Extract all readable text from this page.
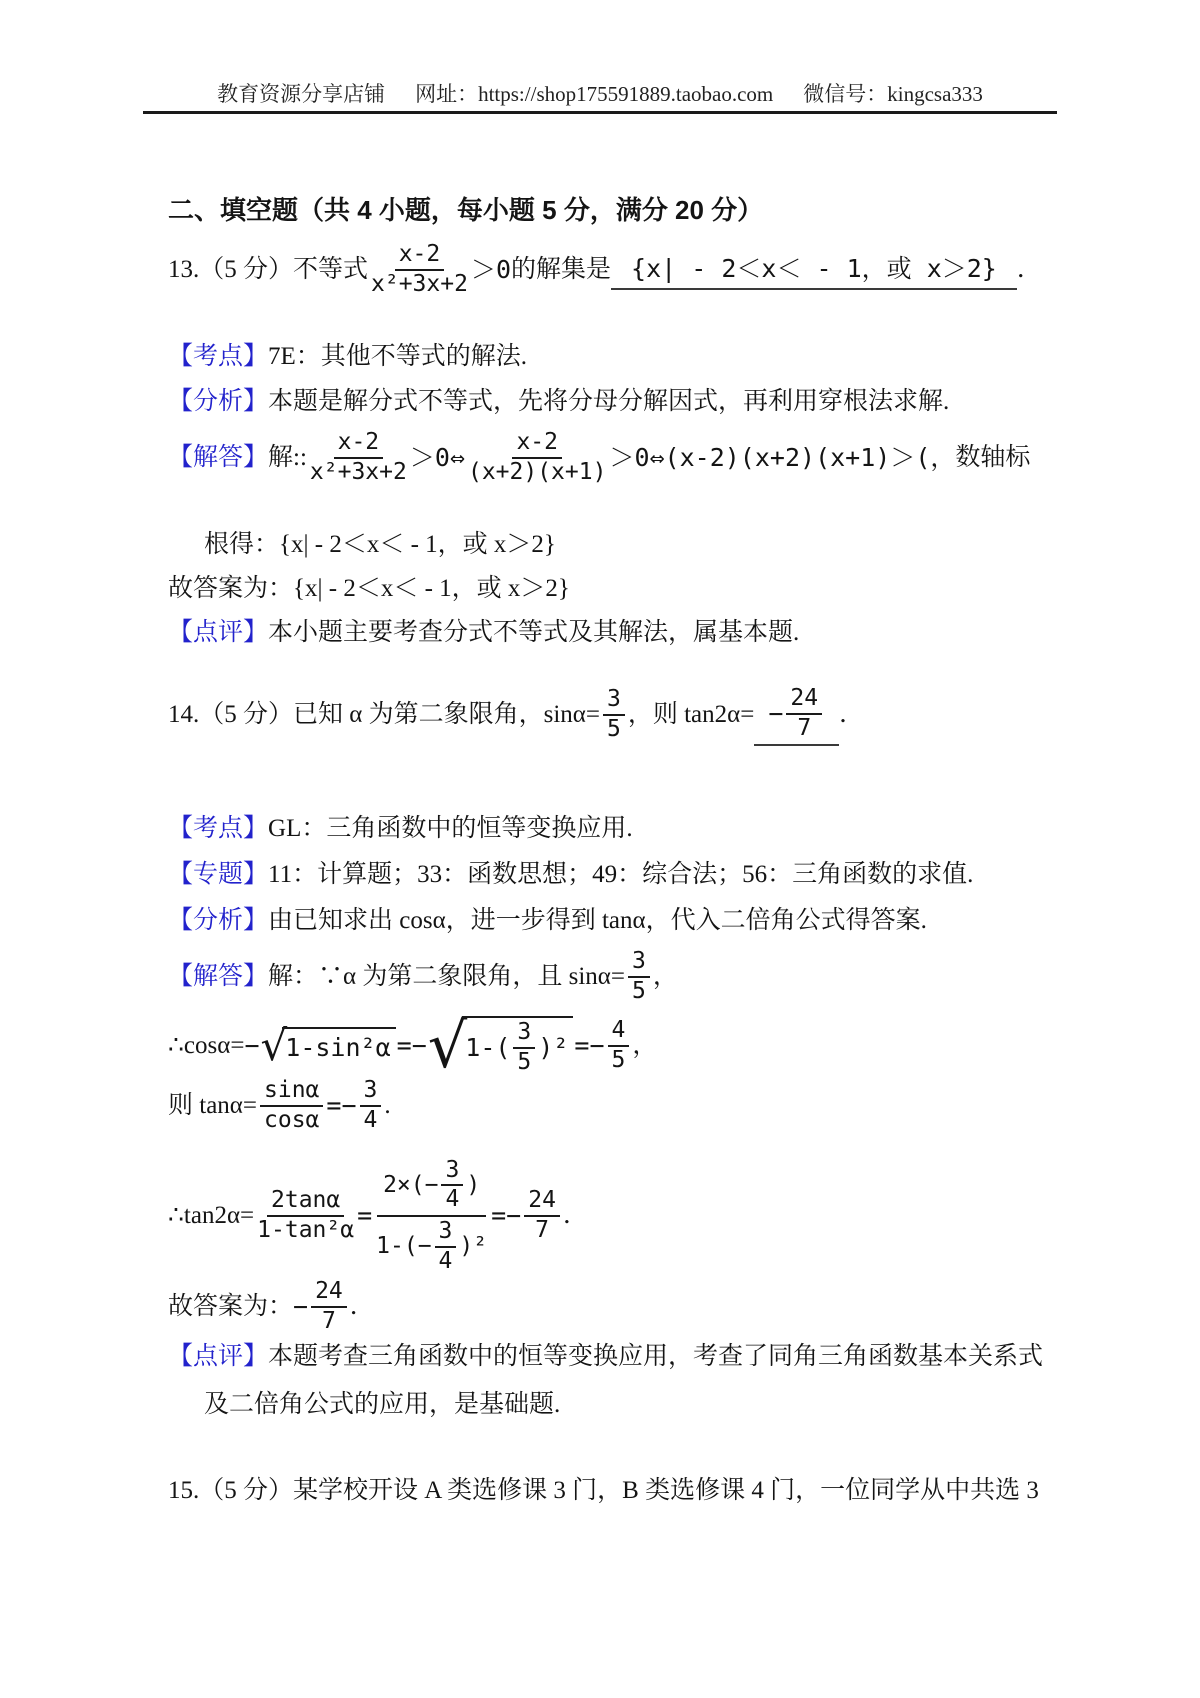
教育资源分享店铺 网址：https://shop175591889.taobao.com 微信号：kingcsa333
二、填空题（共 4 小题，每小题 5 分，满分 20 分）
13.（5 分）不等式 $\frac{x-2}{\text{x²+3x+2}} >0$ 的解集是 {x| - 2＜x＜ - 1，或 x＞2} ．
【考点】 7E：其他不等式的解法.
【分析】 本题是解分式不等式，先将分母分解因式，再利用穿根法求解.
【解答】 解:: $\frac{x-2}{\text{x²+3x+2}}$ ＞0⇔ $\frac{x-2}{(x+2)(x+1)}$ ＞0⇔(x-2)(x+2)(x+1)＞(， 数轴标
根得：{x| - 2＜x＜ - 1，或 x＞2}
故答案为：{x| - 2＜x＜ - 1，或 x＞2}
【点评】 本小题主要考查分式不等式及其解法，属基本题.
14.（5 分）已知 α 为第二象限角，$\sin\alpha= \frac{3}{5}$ ，则 $\tan 2\alpha= - \frac{24}{7}$ ．
【考点】 GL：三角函数中的恒等变换应用.
【专题】 11：计算题；33：函数思想；49：综合法；56：三角函数的求值.
【分析】 由已知求出 cosα，进一步得到 tanα，代入二倍角公式得答案.
【解答】 解：∵α 为第二象限角，且 $\sin\alpha= \frac{3}{5}$ ，
∴cosα= − √
1-sin²α = − √
$1-( \frac{3}{5} )^2$ = − $\frac{4}{5}$ ，
则 $\tan\alpha= \frac{\sin\alpha}{\cos\alpha}$ = − $\frac{3}{4}$ .
∴tan2α= $\frac{2\tan\alpha}{\text{1-tan²α}} = \frac{2\times(- \frac{3}{4} )}{1-(- \frac{3}{4} )^2}$ = − $\frac{24}{7}$ ．
故答案为： − $\frac{24}{7}$ ．
【点评】 本题考查三角函数中的恒等变换应用，考查了同角三角函数基本关系式
及二倍角公式的应用，是基础题.
15.（5 分）某学校开设 A 类选修课 3 门，B 类选修课 4 门，一位同学从中共选 3
